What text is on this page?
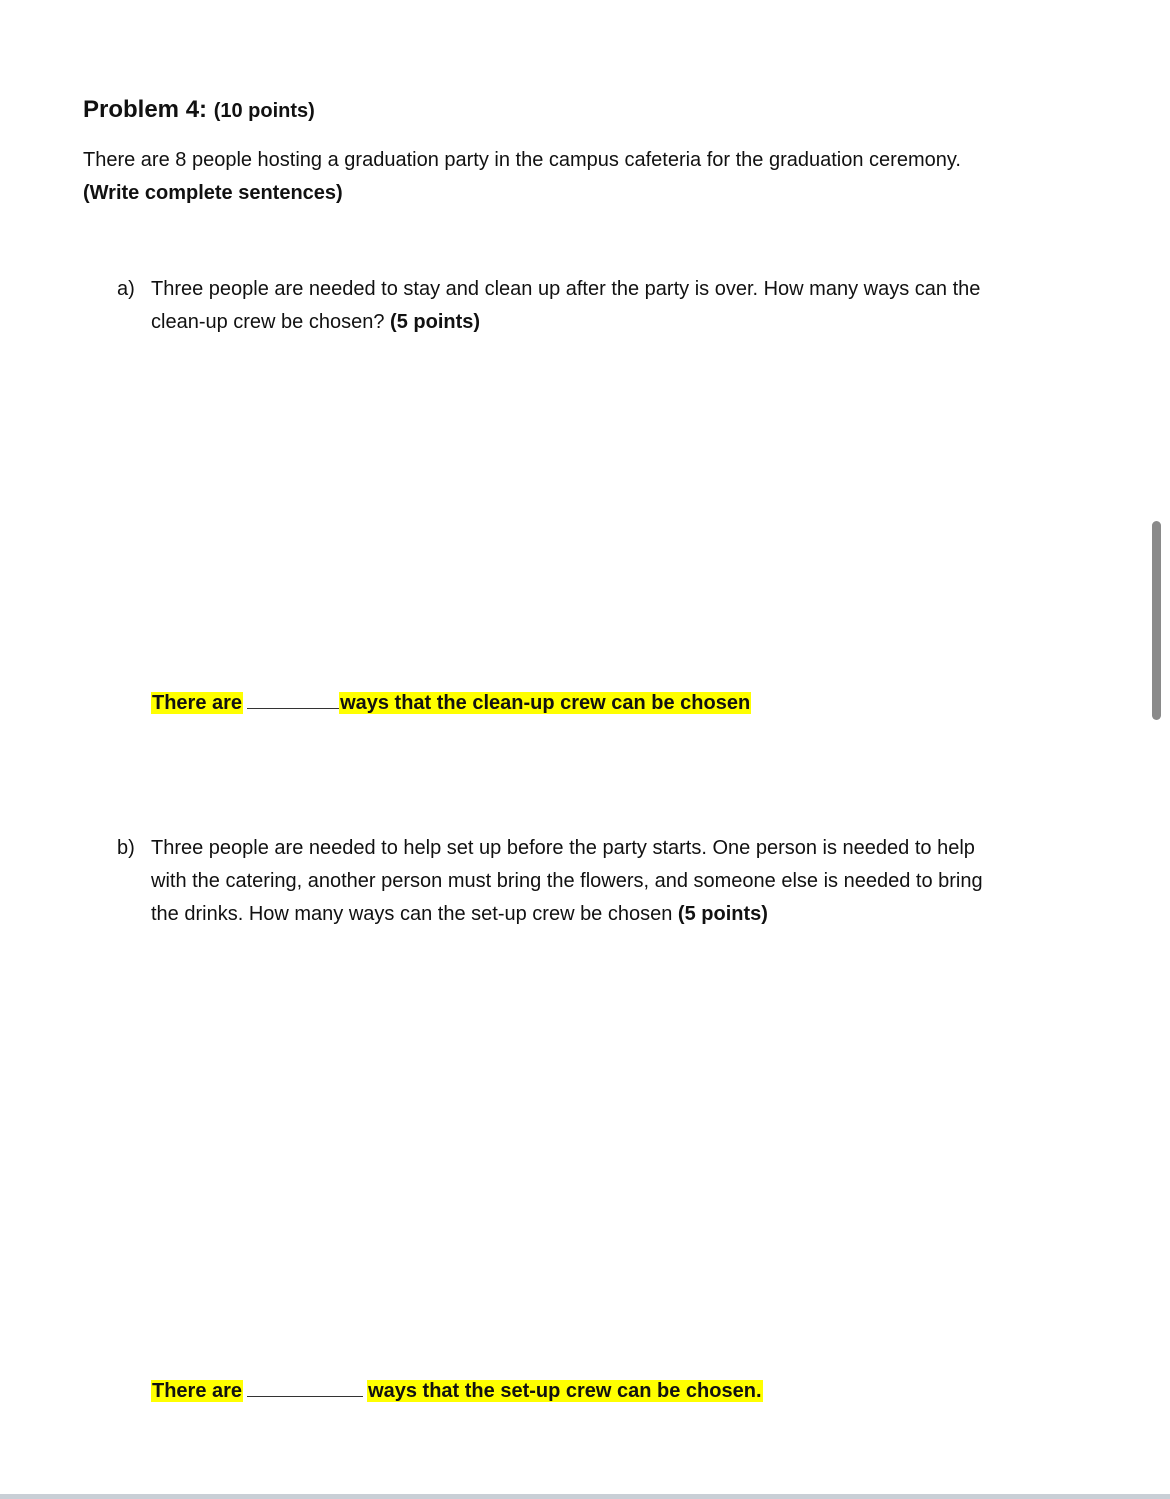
Problem 4: (10 points)
There are 8 people hosting a graduation party in the campus cafeteria for the graduation ceremony.
(Write complete sentences)
a) Three people are needed to stay and clean up after the party is over. How many ways can the
clean-up crew be chosen? (5 points)
There are	ways that the clean-up crew can be chosen
b) Three people are needed to help set up before the party starts. One person is needed to help
with the catering, another person must bring the flowers, and someone else is needed to bring
the drinks. How many ways can the set-up crew be chosen (5 points)
There are	ways that the set-up crew can be chosen.
